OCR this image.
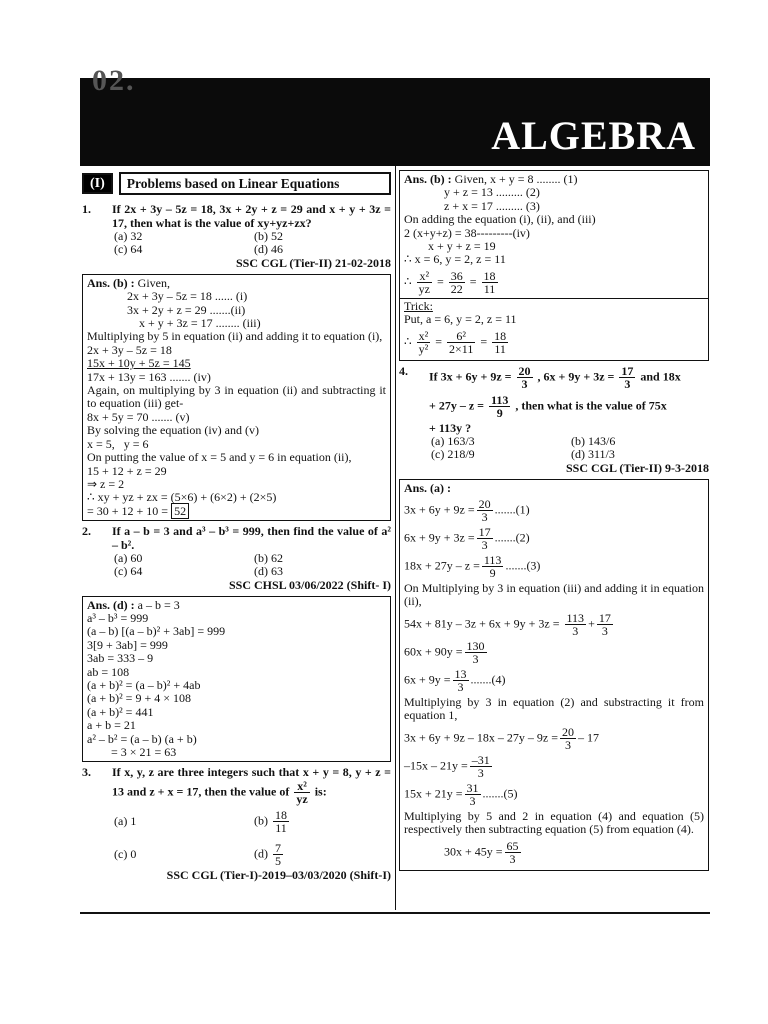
02.
ALGEBRA
(I)	Problems based on Linear Equations
1.	If 2x + 3y – 5z = 18, 3x + 2y + z = 29 and x + y + 3z = 17, then what is the value of xy+yz+zx?
(a) 32	(b) 52
(c) 64	(d) 46
SSC CGL (Tier-II) 21-02-2018
Ans. (b) : Given,
2x + 3y – 5z = 18 ...... (i)
3x + 2y + z = 29 .......(ii)
x + y + 3z = 17 ........ (iii)
Multiplying by 5 in equation (ii) and adding it to equation (i),
2x + 3y – 5z = 18
15x + 10y + 5z = 145
17x + 13y = 163 ....... (iv)
Again, on multiplying by 3 in equation (ii) and subtracting it to equation (iii) get-
8x + 5y = 70 ....... (v)
By solving the equation (iv) and (v)
x = 5,   y = 6
On putting the value of x = 5 and y = 6 in equation (ii),
15 + 12 + z = 29
⇒ z = 2
∴ xy + yz + zx = (5×6) + (6×2) + (2×5)
= 30 + 12 + 10 = 52
2.	If a – b = 3 and a³ – b³ = 999, then find the value of a² – b².
(a) 60	(b) 62
(c) 64	(d) 63
SSC CHSL 03/06/2022 (Shift- I)
Ans. (d) : a – b = 3
a³ – b³ = 999
(a – b) [(a – b)² + 3ab] = 999
3[9 + 3ab] = 999
3ab = 333 – 9
ab = 108
(a + b)² = (a – b)² + 4ab
(a + b)² = 9 + 4 × 108
(a + b)² = 441
a + b = 21
a² – b² = (a – b) (a + b)
= 3 × 21 = 63
3.	If x, y, z are three integers such that x + y = 8, y + z = 13 and z + x = 17, then the value of $\frac{\text{x²}}{yz}$ is:
(a) 1	$(b) \frac{18}{11}$
(c) 0	$(d) \frac{7}{5}$
SSC CGL (Tier-I)-2019–03/03/2020 (Shift-I)
Ans. (b) : Given, x + y = 8 ........ (1)
y + z = 13 ......... (2)
z + x = 17 ......... (3)
On adding the equation (i), (ii), and (iii)
2 (x+y+z) = 38---------(iv)
x + y + z = 19
∴ x = 6, y = 2, z = 11
∴ $\frac{\text{x²}}{yz} = \frac{36}{22} = \frac{18}{11}$
Trick:
Put, a = 6, y = 2, z = 11
∴ $\frac{\text{x²}}{\text{y²}} = \frac{\text{6²}}{2\times 11} = \frac{18}{11}$
4.	If $3x + 6y + 9z = \frac{20}{3}$ , $6x + 9y + 3z = \frac{17}{3}$ and 18x
+ $27y - z = \frac{113}{9}$ , then what is the value of 75x
+ 113y ?
(a) 163/3	(b) 143/6
(c) 218/9	(d) 311/3
SSC CGL (Tier-II) 9-3-2018
Ans. (a) :
$3x + 6y + 9z = \frac{20}{3} .......(1)$
$6x + 9y + 3z = \frac{17}{3} .......(2)$
$18x + 27y - z = \frac{113}{9} .......(3)$
On Multiplying by 3 in equation (iii) and adding it in equation (ii),
$54x + 81y - 3z + 6x + 9y + 3z = \frac{113}{3} + \frac{17}{3}$
$60x + 90y = \frac{130}{3}$
$6x + 9y = \frac{13}{3} .......(4)$
Multiplying by 3 in equation (2) and substracting it from equation 1,
$3x + 6y + 9z - 18x - 27y - 9z = \frac{20}{3} - 17$
$-15x - 21y = \frac{-31}{3}$
$15x + 21y = \frac{31}{3} .......(5)$
Multiplying by 5 and 2 in equation (4) and equation (5) respectively then subtracting equation (5) from equation (4).
$30x + 45y = \frac{65}{3}$
